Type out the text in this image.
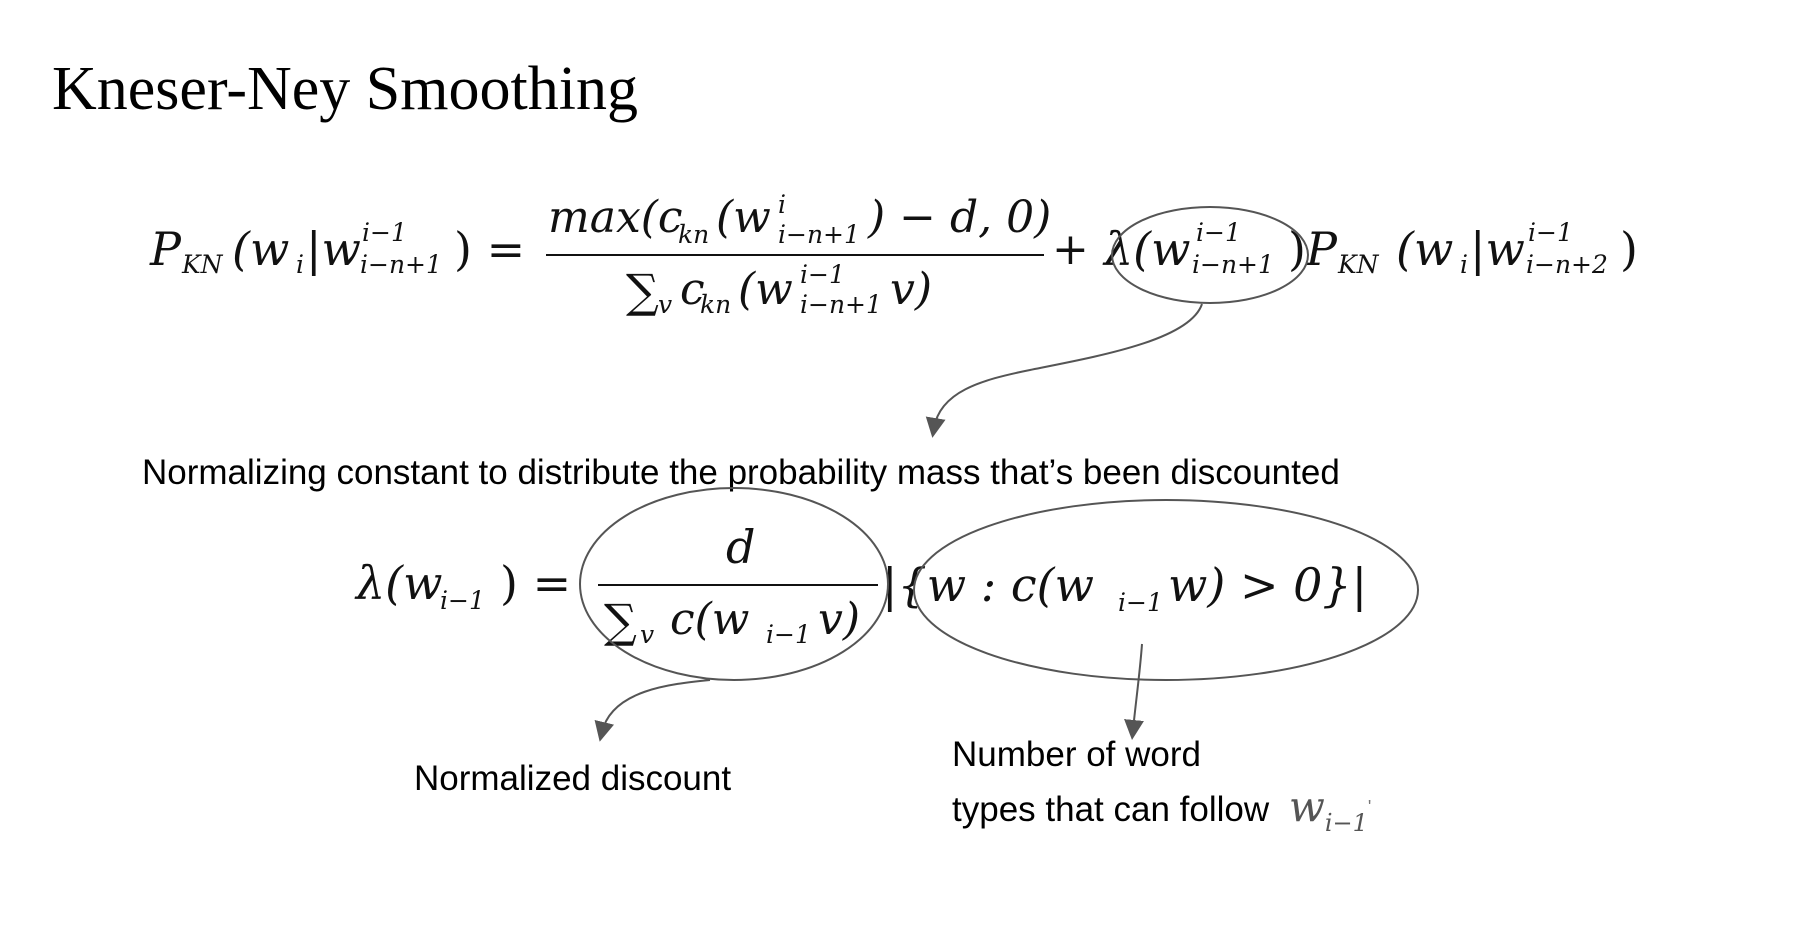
Kneser-Ney Smoothing
P KN (w i |w i−1
i−n+1 ) =
max(c
kn (w i
i−n+1 ) − d, 0)
∑ v c
kn (w i−1
i−n+1 v)
+ λ(w i−1
i−n+1 ) P KN (w i |w i−1
i−n+2 )
Normalizing constant to distribute the probability mass that’s been discounted
λ(w
i−1 ) =
d
∑ v c(w i−1 v)
|{w : c(w i−1 w) > 0}|
Normalized discount
Number of word
types that can follow $w_{i-1}'$
